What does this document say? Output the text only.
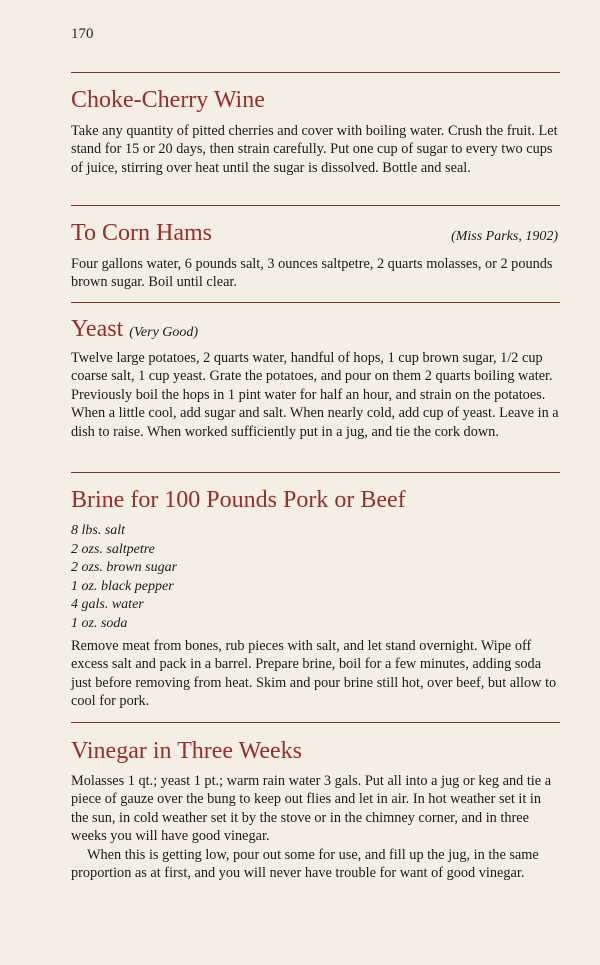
170
Choke-Cherry Wine

Take any quantity of pitted cherries and cover with boiling water. Crush the fruit. Let stand for 15 or 20 days, then strain carefully. Put one cup of sugar to every two cups of juice, stirring over heat until the sugar is dissolved. Bottle and seal.

To Corn Hams	(Miss Parks, 1902)

Four gallons water, 6 pounds salt, 3 ounces saltpetre, 2 quarts molasses, or 2 pounds brown sugar. Boil until clear.

Yeast (Very Good)

Twelve large potatoes, 2 quarts water, handful of hops, 1 cup brown sugar, 1/2 cup coarse salt, 1 cup yeast. Grate the potatoes, and pour on them 2 quarts boiling water. Previously boil the hops in 1 pint water for half an hour, and strain on the potatoes. When a little cool, add sugar and salt. When nearly cold, add cup of yeast. Leave in a dish to raise. When worked sufficiently put in a jug, and tie the cork down.

Brine for 100 Pounds Pork or Beef
8 lbs. salt
2 ozs. saltpetre
2 ozs. brown sugar
1 oz. black pepper
4 gals. water
1 oz. soda

Remove meat from bones, rub pieces with salt, and let stand overnight. Wipe off excess salt and pack in a barrel. Prepare brine, boil for a few minutes, adding soda just before removing from heat. Skim and pour brine still hot, over beef, but allow to cool for pork.

Vinegar in Three Weeks

Molasses 1 qt.; yeast 1 pt.; warm rain water 3 gals. Put all into a jug or keg and tie a piece of gauze over the bung to keep out flies and let in air. In hot weather set it in the sun, in cold weather set it by the stove or in the chimney corner, and in three weeks you will have good vinegar.

When this is getting low, pour out some for use, and fill up the jug, in the same proportion as at first, and you will never have trouble for want of good vinegar.
